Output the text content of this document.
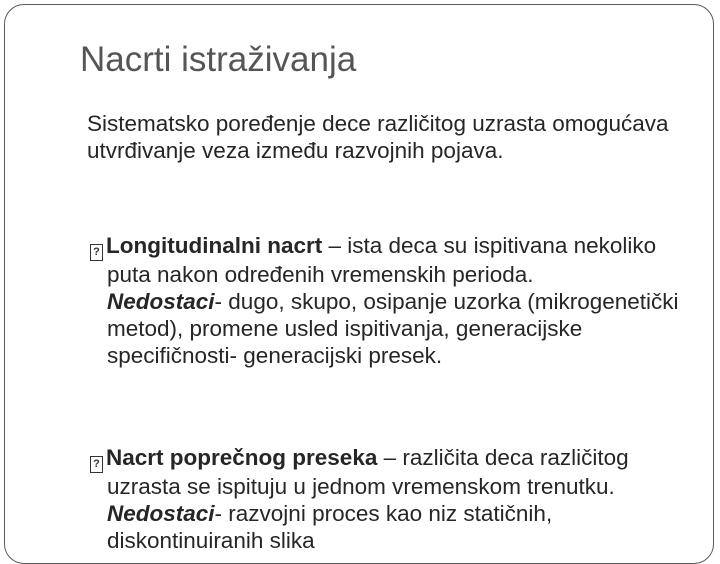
Nacrti istraživanja
Sistematsko poređenje dece različitog uzrasta omogućava utvrđivanje veza između razvojnih pojava.
? Longitudinalni nacrt – ista deca su ispitivana nekoliko puta nakon određenih vremenskih perioda.
Nedostaci- dugo, skupo, osipanje uzorka (mikrogenetički metod), promene usled ispitivanja, generacijske specifičnosti- generacijski presek.
? Nacrt poprečnog preseka – različita deca različitog uzrasta se ispituju u jednom vremenskom trenutku. Nedostaci- razvojni proces kao niz statičnih, diskontinuiranih slika
